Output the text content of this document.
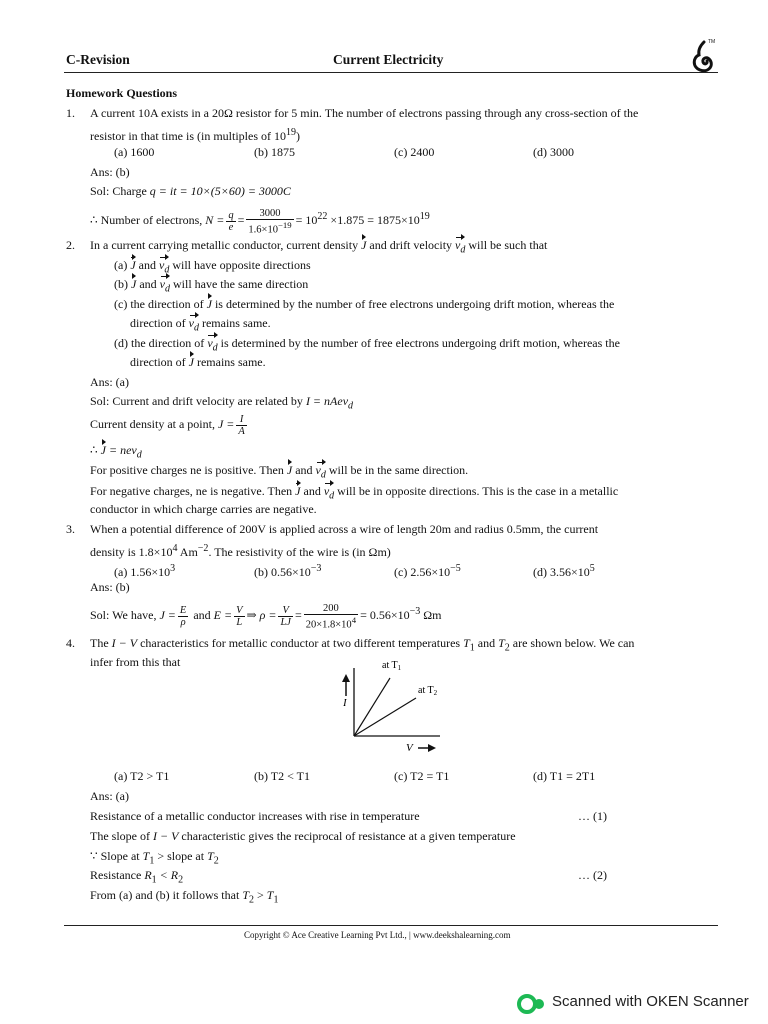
C-Revision	Current Electricity
TM
Homework Questions
1. A current 10A exists in a 20Ω resistor for 5 min. The number of electrons passing through any cross-section of the
resistor in that time is (in multiples of $10^{19}$)
(a) 1600	(b) 1875	(c) 2400	(d) 3000
Ans: (b)
Sol: Charge q = it = 10×(5×60) = 3000C
∴ Number of electrons, $N = \frac{q}{e} = \frac{3000}{1.6\times 10^{-19}} = 10^{22} \times 1.875 = 1875\times 10^{19}$
2. In a current carrying metallic conductor, current density J and drift velocity $v_d$ will be such that
(a) J and $v_d$ will have opposite directions
(b) J and $v_d$ will have the same direction
(c) the direction of J is determined by the number of free electrons undergoing drift motion, whereas the
direction of $v_d$ remains same.
(d) the direction of $v_d$ is determined by the number of free electrons undergoing drift motion, whereas the
direction of J remains same.
Ans: (a)
Sol: Current and drift velocity are related by I = nAev$_d$
Current density at a point, $J = \frac{I}{A}$
∴ J = nev$_d$
For positive charges ne is positive. Then J and $v_d$ will be in the same direction.
For negative charges, ne is negative. Then J and $v_d$ will be in opposite directions. This is the case in a metallic
conductor in which charge carries are negative.
3. When a potential difference of 200V is applied across a wire of length 20m and radius 0.5mm, the current
density is $1.8\times 10^4$ $Am^{-2}$. The resistivity of the wire is (in Ωm)
(a) $1.56\times 10^3$	(b) $0.56\times 10^{-3}$	(c) $2.56\times 10^{-5}$	(d) $3.56\times 10^5$
Ans: (b)
Sol: We have, $J = \frac{E}{\rho}$ and $E = \frac{V}{L}$ ⇒ $\rho = \frac{V}{LJ} = \frac{200}{20\times 1.8\times 10^4} = 0.56\times 10^{-3}$ Ωm
4. The I − V characteristics for metallic conductor at two different temperatures $T_1$ and $T_2$ are shown below. We can
infer from this that
I
V
at $T_1$
at $T_2$
(a) T2 > T1	(b) T2 < T1	(c) T2 = T1	(d) T1 = 2T1
Ans: (a)
Resistance of a metallic conductor increases with rise in temperature	… (1)
The slope of I − V characteristic gives the reciprocal of resistance at a given temperature
∵ Slope at $T_1$ > slope at $T_2$
Resistance $R_1 < R_2$	… (2)
From (a) and (b) it follows that $T_2 > T_1$
Copyright © Ace Creative Learning Pvt Ltd., | www.deekshalearning.com
Scanned with OKEN Scanner
